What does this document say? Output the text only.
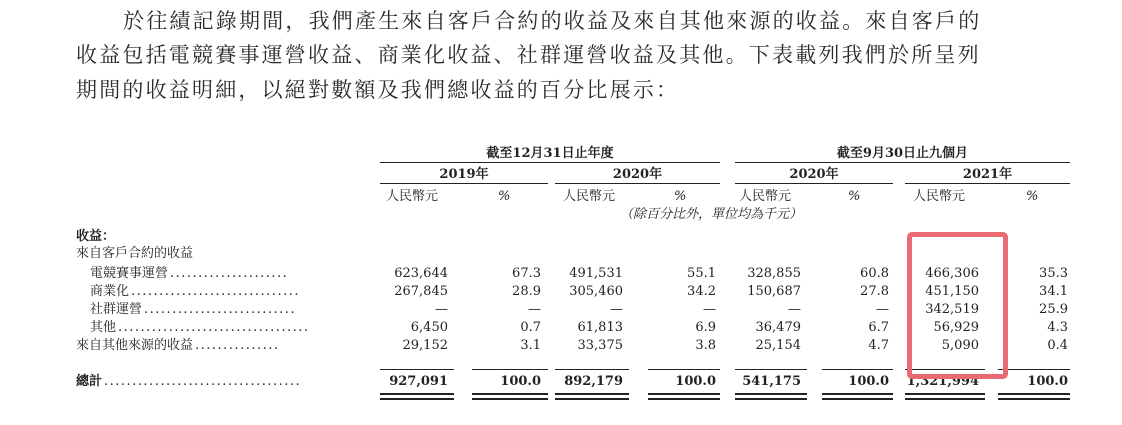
於往績記錄期間，我們產生來自客戶合約的收益及來自其他來源的收益。來自客戶的
收益包括電競賽事運營收益、商業化收益、社群運營收益及其他。下表載列我們於所呈列
期間的收益明細，以絕對數額及我們總收益的百分比展示：
截至12月31日止年度	截至9月30日止九個月
2019年	2020年	2020年	2021年
人民幣元	%	人民幣元	%	人民幣元	%	人民幣元	%
（除百分比外，單位均為千元）
收益：
來自客戶合約的收益
電競賽事運營 .....................	623,644	67.3	491,531	55.1	328,855	60.8	466,306	35.3
商業化 ..............................	267,845	28.9	305,460	34.2	150,687	27.8	451,150	34.1
社群運營 ...........................	—	—	—	—	—	—	342,519	25.9
其他 ..................................	6,450	0.7	61,813	6.9	36,479	6.7	56,929	4.3
來自其他來源的收益 ...............	29,152	3.1	33,375	3.8	25,154	4.7	5,090	0.4
總計 ...................................	927,091	100.0	892,179	100.0	541,175	100.0	1,321,994	100.0
